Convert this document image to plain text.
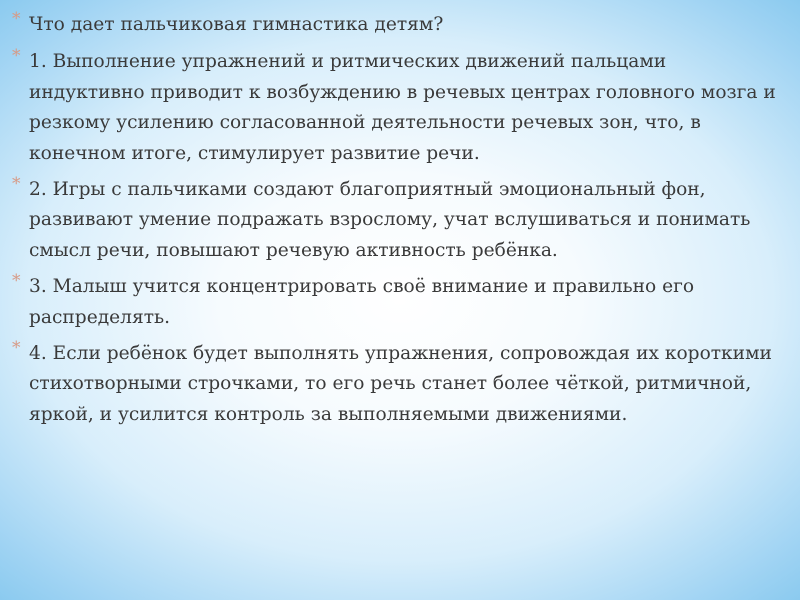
* Что дает пальчиковая гимнастика детям?
* 1. Выполнение упражнений и ритмических движений пальцами индуктивно приводит к возбуждению в речевых центрах головного мозга и резкому усилению согласованной деятельности речевых зон, что, в конечном итоге, стимулирует развитие речи.
* 2. Игры с пальчиками создают благоприятный эмоциональный фон, развивают умение подражать взрослому, учат вслушиваться и понимать смысл речи, повышают речевую активность ребёнка.
* 3. Малыш учится концентрировать своё внимание и правильно его распределять.
* 4. Если ребёнок будет выполнять упражнения, сопровождая их короткими стихотворными строчками, то его речь станет более чёткой, ритмичной, яркой, и усилится контроль за выполняемыми движениями.
